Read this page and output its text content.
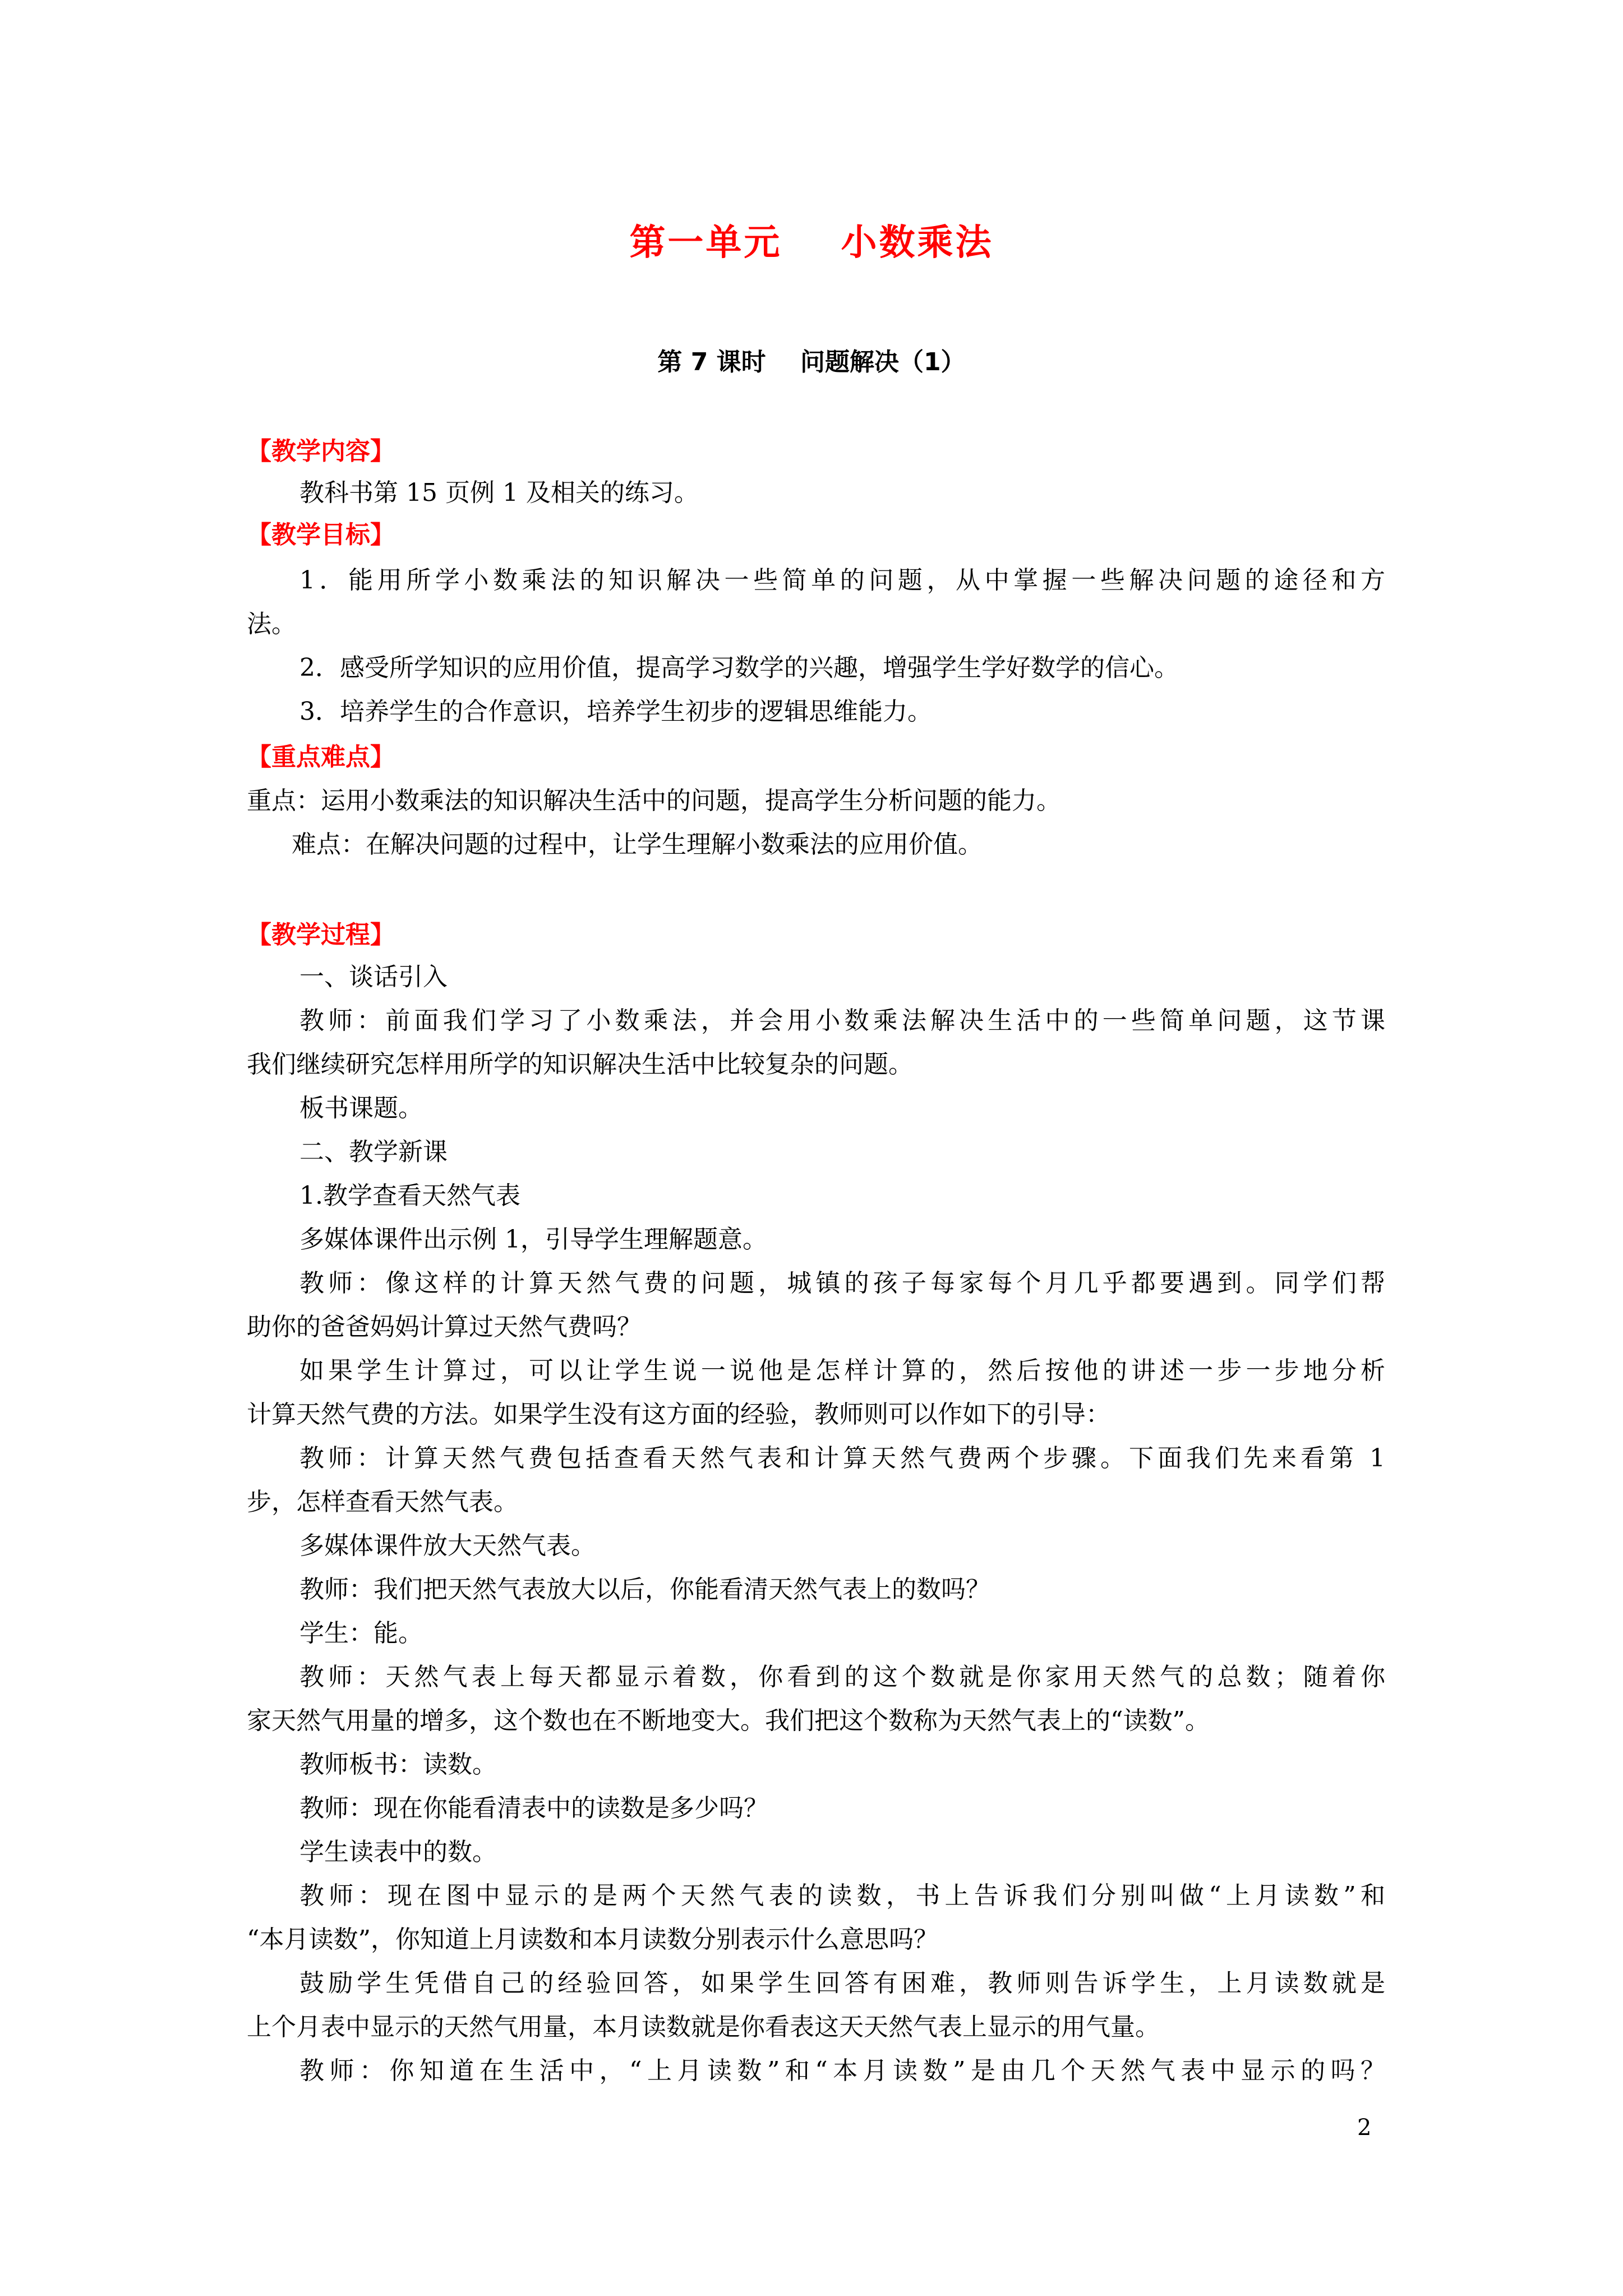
第一单元    小数乘法
第 7 课时    问题解决（1）
【教学内容】
教科书第 15 页例 1 及相关的练习。
【教学目标】
1．能用所学小数乘法的知识解决一些简单的问题，从中掌握一些解决问题的途径和方
法。
2．感受所学知识的应用价值，提高学习数学的兴趣，增强学生学好数学的信心。
3．培养学生的合作意识，培养学生初步的逻辑思维能力。
【重点难点】
重点：运用小数乘法的知识解决生活中的问题，提高学生分析问题的能力。
难点：在解决问题的过程中，让学生理解小数乘法的应用价值。
【教学过程】
一、谈话引入
教师：前面我们学习了小数乘法，并会用小数乘法解决生活中的一些简单问题，这节课
我们继续研究怎样用所学的知识解决生活中比较复杂的问题。
板书课题。
二、教学新课
1.教学查看天然气表
多媒体课件出示例 1，引导学生理解题意。
教师：像这样的计算天然气费的问题，城镇的孩子每家每个月几乎都要遇到。同学们帮
助你的爸爸妈妈计算过天然气费吗？
如果学生计算过，可以让学生说一说他是怎样计算的，然后按他的讲述一步一步地分析
计算天然气费的方法。如果学生没有这方面的经验，教师则可以作如下的引导：
教师：计算天然气费包括查看天然气表和计算天然气费两个步骤。下面我们先来看第 1
步，怎样查看天然气表。
多媒体课件放大天然气表。
教师：我们把天然气表放大以后，你能看清天然气表上的数吗？
学生：能。
教师：天然气表上每天都显示着数，你看到的这个数就是你家用天然气的总数；随着你
家天然气用量的增多，这个数也在不断地变大。我们把这个数称为天然气表上的“读数”。
教师板书：读数。
教师：现在你能看清表中的读数是多少吗？
学生读表中的数。
教师：现在图中显示的是两个天然气表的读数，书上告诉我们分别叫做“上月读数”和
“本月读数”，你知道上月读数和本月读数分别表示什么意思吗？
鼓励学生凭借自己的经验回答，如果学生回答有困难，教师则告诉学生，上月读数就是
上个月表中显示的天然气用量，本月读数就是你看表这天天然气表上显示的用气量。
教师：你知道在生活中，“上月读数”和“本月读数”是由几个天然气表中显示的吗？
2
